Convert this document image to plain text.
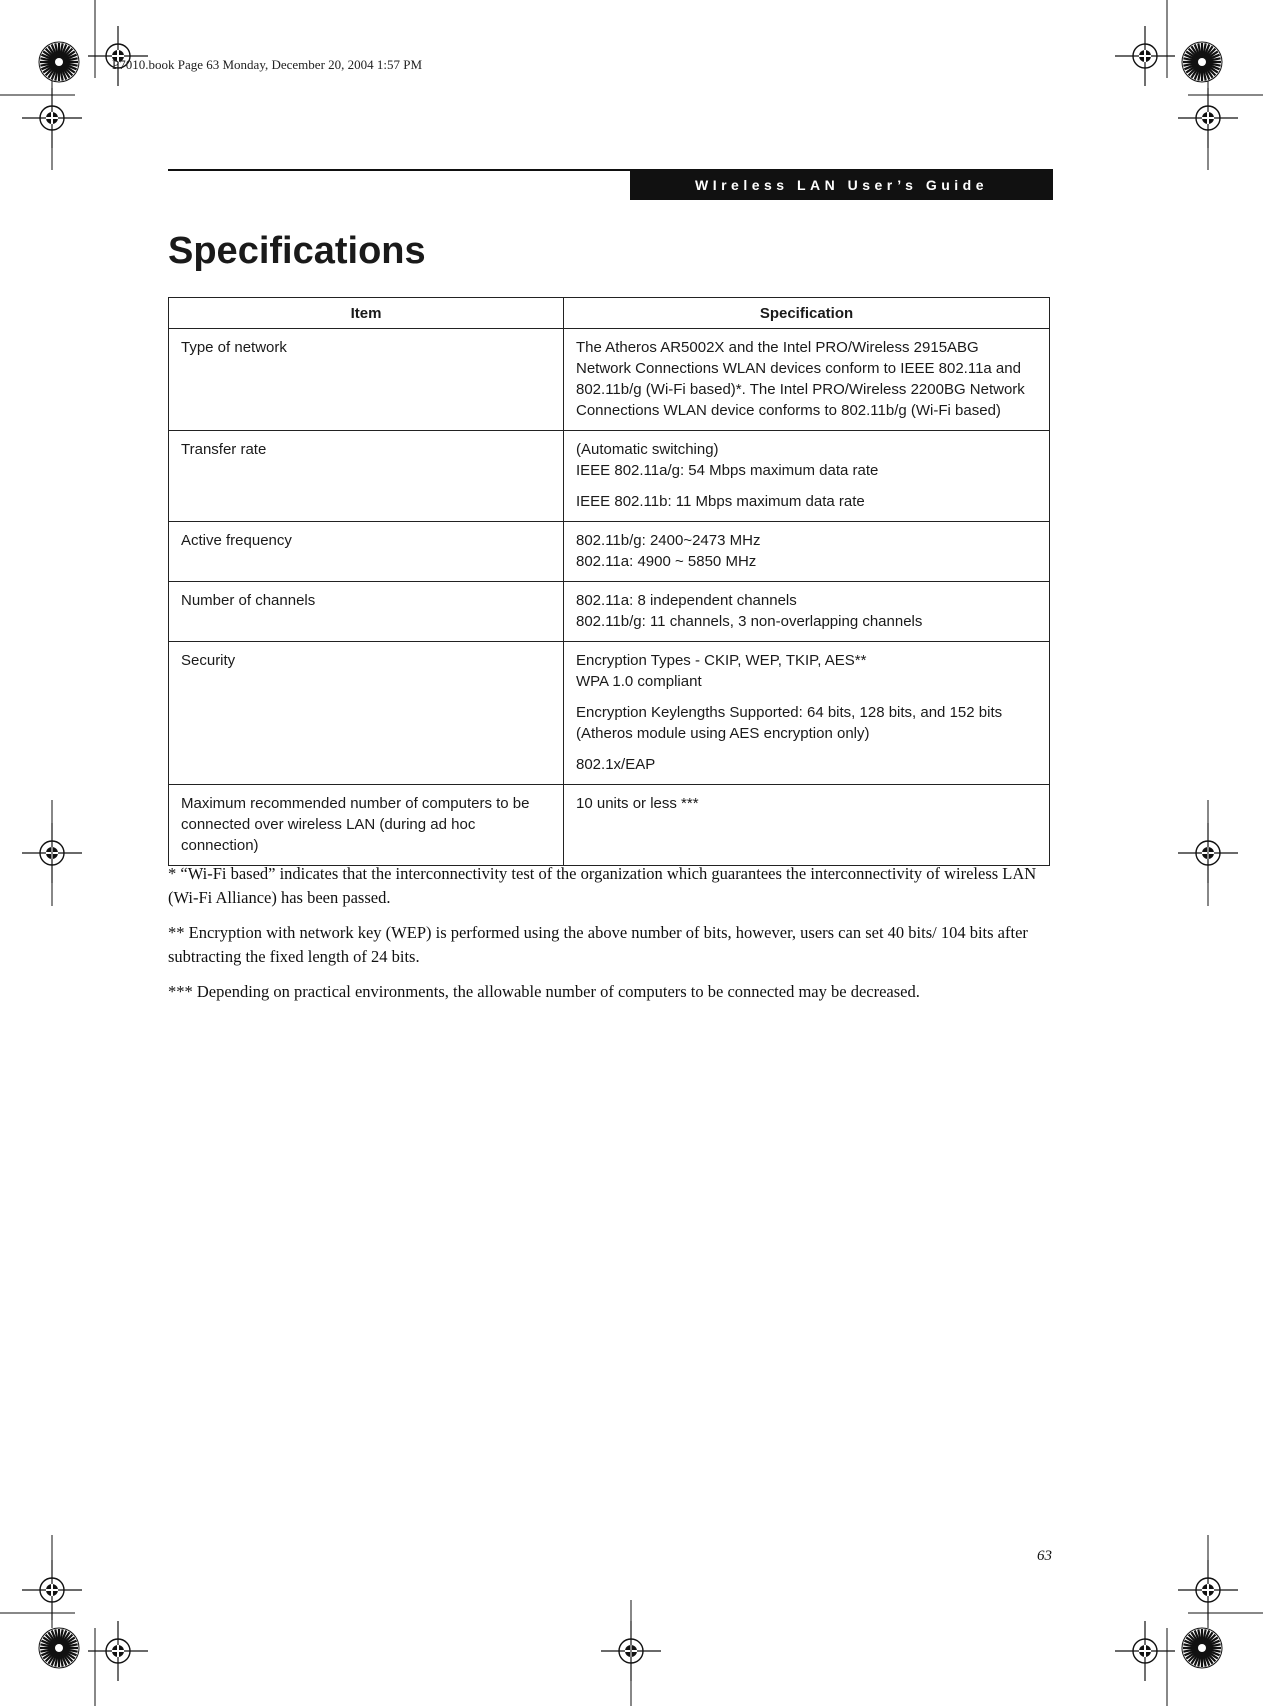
P7010.book Page 63 Monday, December 20, 2004 1:57 PM
WIreless LAN User’s Guide
Specifications
Item	Specification
Type of network	The Atheros AR5002X and the Intel PRO/Wireless 2915ABG Network Connections WLAN devices conform to IEEE 802.11a and 802.11b/g (Wi-Fi based)*. The Intel PRO/Wireless 2200BG Network Connections WLAN device conforms to 802.11b/g (Wi-Fi based)

Transfer rate	(Automatic switching)
IEEE 802.11a/g: 54 Mbps maximum data rate
IEEE 802.11b: 11 Mbps maximum data rate

Active frequency	802.11b/g: 2400~2473 MHz
802.11a: 4900 ~ 5850 MHz

Number of channels	802.11a: 8 independent channels
802.11b/g: 11 channels, 3 non-overlapping channels

Security	Encryption Types - CKIP, WEP, TKIP, AES**
WPA 1.0 compliant
Encryption Keylengths Supported: 64 bits, 128 bits, and 152 bits (Atheros module using AES encryption only)
802.1x/EAP

Maximum recommended number of computers to be connected over wireless LAN (during ad hoc connection)	10 units or less ***

* “Wi-Fi based” indicates that the interconnectivity test of the organization which guarantees the interconnectivity of wireless LAN (Wi-Fi Alliance) has been passed.

** Encryption with network key (WEP) is performed using the above number of bits, however, users can set 40 bits/ 104 bits after subtracting the fixed length of 24 bits.

*** Depending on practical environments, the allowable number of computers to be connected may be decreased.

63
